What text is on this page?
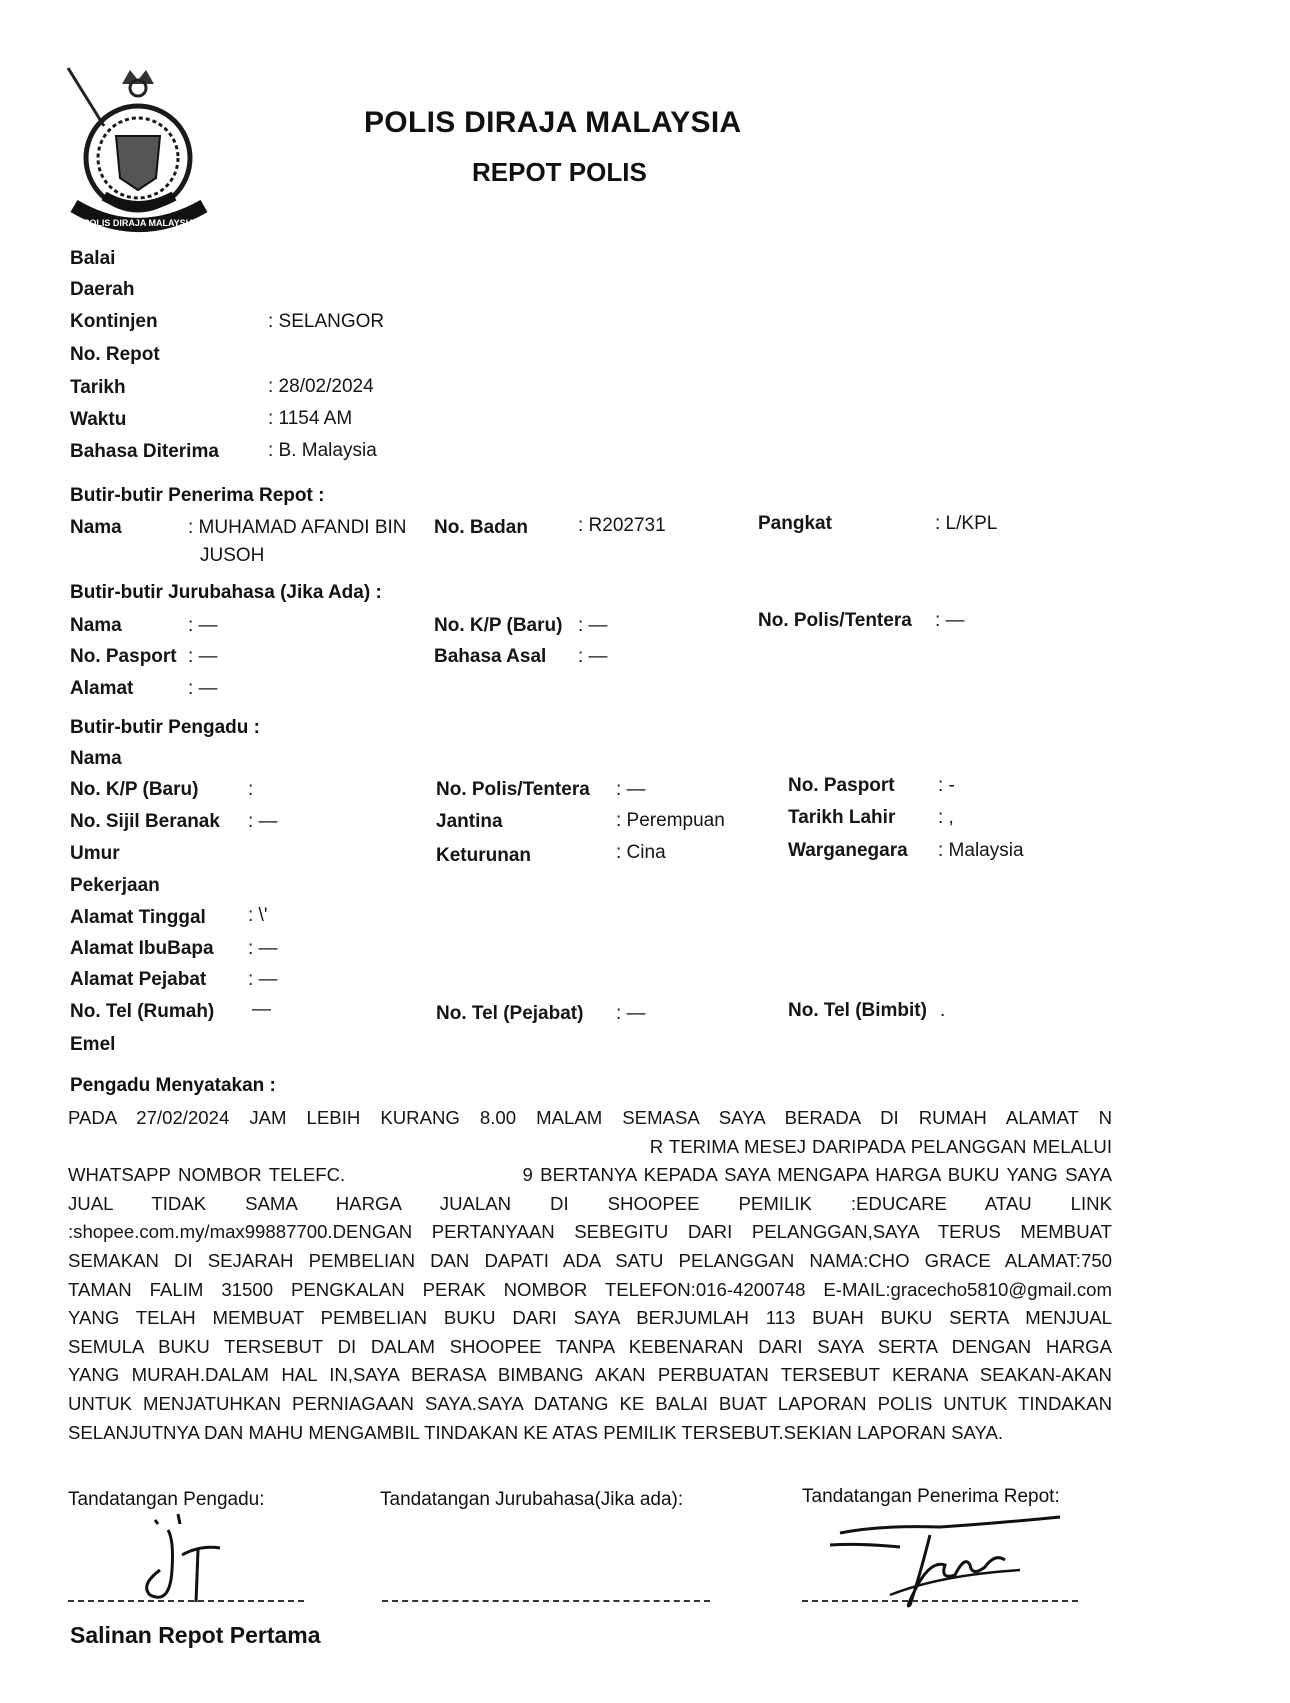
POLIS DIRAJA MALAYSIA
POLIS DIRAJA MALAYSIA
REPOT POLIS
Balai
Daerah
Kontinjen	: SELANGOR
No. Repot
Tarikh	: 28/02/2024
Waktu	: 1154 AM
Bahasa Diterima	: B. Malaysia
Butir-butir Penerima Repot :
Nama	: MUHAMAD AFANDI BIN
JUSOH
No. Badan	: R202731	Pangkat	: L/KPL
Butir-butir Jurubahasa (Jika Ada) :
Nama	: —	No. K/P (Baru) : —	No. Polis/Tentera : —
No. Pasport : —	Bahasa Asal : —
Alamat	: —
Butir-butir Pengadu :
Nama
No. K/P (Baru)	:	No. Polis/Tentera : —	No. Pasport : -
No. Sijil Beranak : —	Jantina	: Perempuan	Tarikh Lahir : ,
Umur	Keturunan	: Cina	Warganegara : Malaysia
Pekerjaan
Alamat Tinggal : \'
Alamat IbuBapa : —
Alamat Pejabat : —
No. Tel (Rumah) —	No. Tel (Pejabat) : —	No. Tel (Bimbit) .
Emel
Pengadu Menyatakan :
PADA 27/02/2024 JAM LEBIH KURANG 8.00 MALAM SEMASA SAYA BERADA DI RUMAH ALAMAT N
R TERIMA MESEJ DARIPADA PELANGGAN MELALUI
WHATSAPP NOMBOR TELEFC.                        9 BERTANYA KEPADA SAYA MENGAPA HARGA BUKU YANG SAYA
JUAL TIDAK SAMA HARGA JUALAN DI SHOOPEE PEMILIK :EDUCARE ATAU LINK
:shopee.com.my/max99887700.DENGAN PERTANYAAN SEBEGITU DARI PELANGGAN,SAYA TERUS MEMBUAT
SEMAKAN DI SEJARAH PEMBELIAN DAN DAPATI ADA SATU PELANGGAN NAMA:CHO GRACE ALAMAT:750
TAMAN FALIM 31500 PENGKALAN PERAK NOMBOR TELEFON:016-4200748 E-MAIL:gracecho5810@gmail.com
YANG TELAH MEMBUAT PEMBELIAN BUKU DARI SAYA BERJUMLAH 113 BUAH BUKU SERTA MENJUAL
SEMULA BUKU TERSEBUT DI DALAM SHOOPEE TANPA KEBENARAN DARI SAYA SERTA DENGAN HARGA
YANG MURAH.DALAM HAL IN,SAYA BERASA BIMBANG AKAN PERBUATAN TERSEBUT KERANA SEAKAN-AKAN
UNTUK MENJATUHKAN PERNIAGAAN SAYA.SAYA DATANG KE BALAI BUAT LAPORAN POLIS UNTUK TINDAKAN
SELANJUTNYA DAN MAHU MENGAMBIL TINDAKAN KE ATAS PEMILIK TERSEBUT.SEKIAN LAPORAN SAYA.
Tandatangan Pengadu:	Tandatangan Jurubahasa(Jika ada):	Tandatangan Penerima Repot:
Salinan Repot Pertama
